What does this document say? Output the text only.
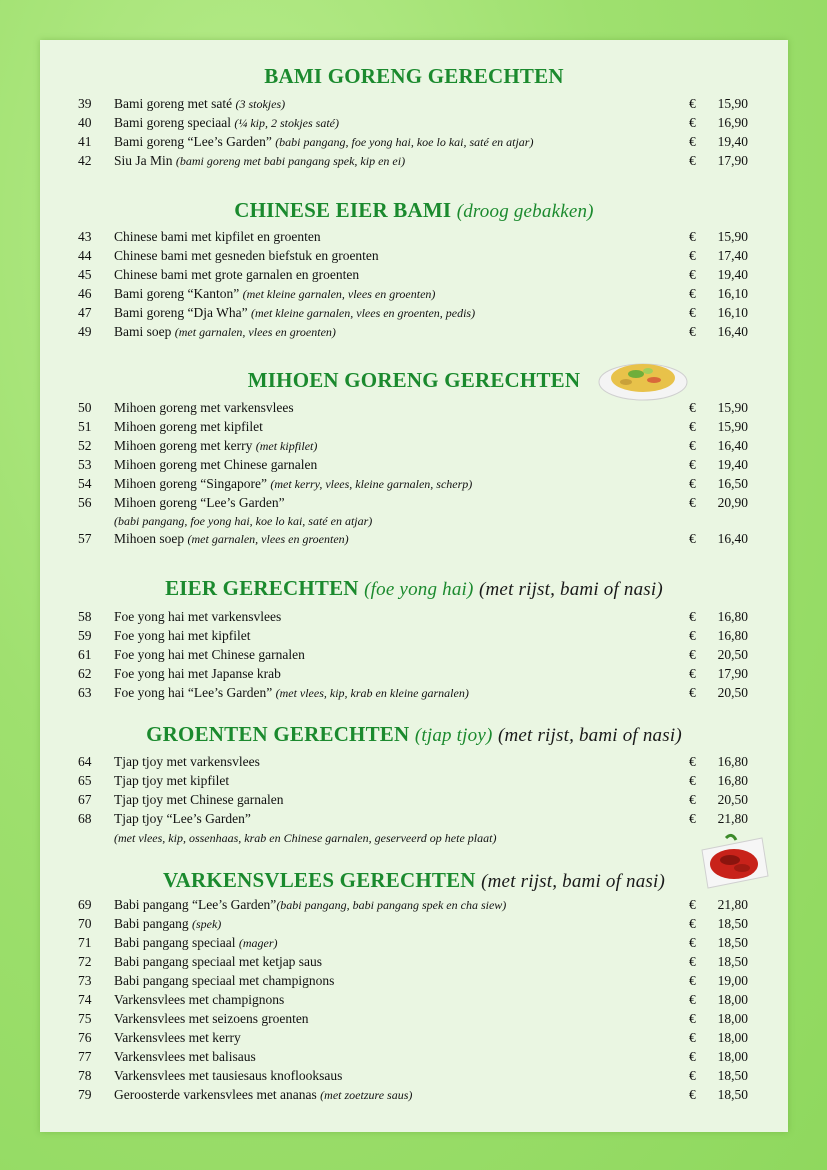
BAMI GORENG GERECHTEN
CHINESE EIER BAMI (droog gebakken)
MIHOEN GORENG GERECHTEN
EIER GERECHTEN (foe yong hai) (met rijst, bami of nasi)
GROENTEN GERECHTEN (tjap tjoy) (met rijst, bami of nasi)
VARKENSVLEES GERECHTEN (met rijst, bami of nasi)
39	Bami goreng met saté (3 stokjes) .....	€	15,90
40	Bami goreng speciaal (¼ kip, 2 stokjes saté) .....	€	16,90
41	Bami goreng “Lee’s Garden” (babi pangang, foe yong hai, koe lo kai, saté en atjar) .....	€	19,40
42	Siu Ja Min (bami goreng met babi pangang spek, kip en ei) .....	€	17,90
43	Chinese bami met kipfilet en groenten .....	€	15,90
44	Chinese bami met gesneden biefstuk en groenten .....	€	17,40
45	Chinese bami met grote garnalen en groenten .....	€	19,40
46	Bami goreng “Kanton” (met kleine garnalen, vlees en groenten) .....	€	16,10
47	Bami goreng “Dja Wha” (met kleine garnalen, vlees en groenten, pedis) .....	€	16,10
49	Bami soep (met garnalen, vlees en groenten) .....	€	16,40
50	Mihoen goreng met varkensvlees .....	€	15,90
51	Mihoen goreng met kipfilet .....	€	15,90
52	Mihoen goreng met kerry (met kipfilet) .....	€	16,40
53	Mihoen goreng met Chinese garnalen .....	€	19,40
54	Mihoen goreng “Singapore” (met kerry, vlees, kleine garnalen, scherp) .....	€	16,50
56	Mihoen goreng “Lee’s Garden” .....	€	20,90
(babi pangang, foe yong hai, koe lo kai, saté en atjar)
57	Mihoen soep (met garnalen, vlees en groenten) .....	€	16,40
58	Foe yong hai met varkensvlees .....	€	16,80
59	Foe yong hai met kipfilet .....	€	16,80
61	Foe yong hai met Chinese garnalen .....	€	20,50
62	Foe yong hai met Japanse krab .....	€	17,90
63	Foe yong hai “Lee’s Garden” (met vlees, kip, krab en kleine garnalen) .....	€	20,50
64	Tjap tjoy met varkensvlees .....	€	16,80
65	Tjap tjoy met kipfilet .....	€	16,80
67	Tjap tjoy met Chinese garnalen .....	€	20,50
68	Tjap tjoy “Lee’s Garden” .....	€	21,80
(met vlees, kip, ossenhaas, krab en Chinese garnalen, geserveerd op hete plaat)
69	Babi pangang “Lee’s Garden”(babi pangang, babi pangang spek en cha siew) .....	€	21,80
70	Babi pangang (spek) .....	€	18,50
71	Babi pangang speciaal (mager) .....	€	18,50
72	Babi pangang speciaal met ketjap saus .....	€	18,50
73	Babi pangang speciaal met champignons .....	€	19,00
74	Varkensvlees met champignons .....	€	18,00
75	Varkensvlees met seizoens groenten .....	€	18,00
76	Varkensvlees met kerry .....	€	18,00
77	Varkensvlees met balisaus .....	€	18,00
78	Varkensvlees met tausiesaus knoflooksaus .....	€	18,50
79	Geroosterde varkensvlees met ananas (met zoetzure saus) .....	€	18,50
